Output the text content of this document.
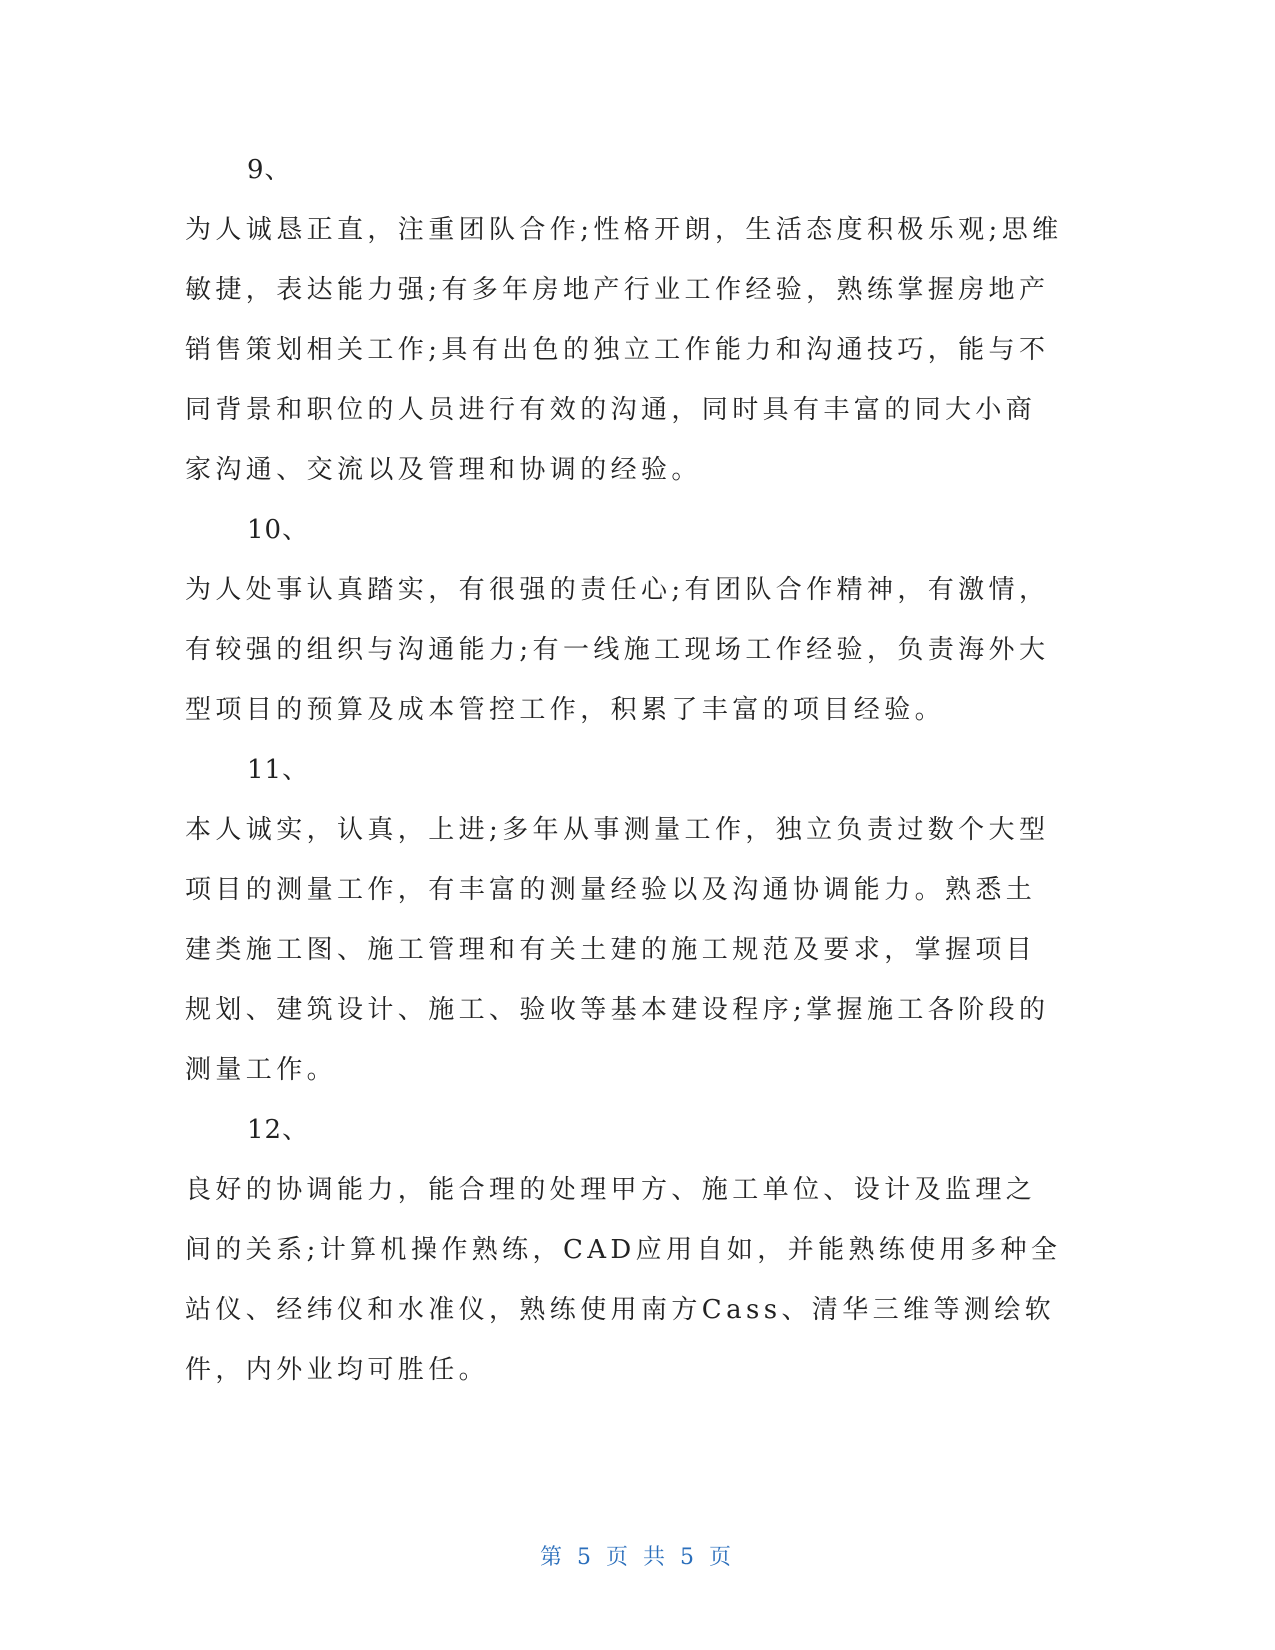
9、

为人诚恳正直，注重团队合作;性格开朗，生活态度积极乐观;思维敏捷，表达能力强;有多年房地产行业工作经验，熟练掌握房地产销售策划相关工作;具有出色的独立工作能力和沟通技巧，能与不同背景和职位的人员进行有效的沟通，同时具有丰富的同大小商家沟通、交流以及管理和协调的经验。

10、

为人处事认真踏实，有很强的责任心;有团队合作精神，有激情，有较强的组织与沟通能力;有一线施工现场工作经验，负责海外大型项目的预算及成本管控工作，积累了丰富的项目经验。

11、

本人诚实，认真，上进;多年从事测量工作，独立负责过数个大型项目的测量工作，有丰富的测量经验以及沟通协调能力。熟悉土建类施工图、施工管理和有关土建的施工规范及要求，掌握项目规划、建筑设计、施工、验收等基本建设程序;掌握施工各阶段的测量工作。

12、

良好的协调能力，能合理的处理甲方、施工单位、设计及监理之间的关系;计算机操作熟练，CAD应用自如，并能熟练使用多种全站仪、经纬仪和水准仪，熟练使用南方Cass、清华三维等测绘软件，内外业均可胜任。

第 5 页 共 5 页
